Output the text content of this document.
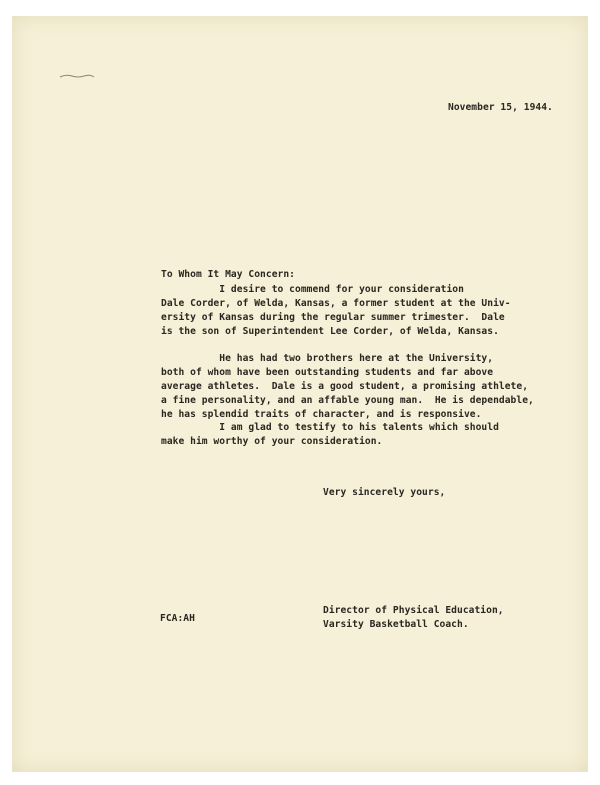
November 15, 1944.

To Whom It May Concern:

I desire to commend for your consideration
Dale Corder, of Welda, Kansas, a former student at the Univ-
ersity of Kansas during the regular summer trimester.  Dale
is the son of Superintendent Lee Corder, of Welda, Kansas.

He has had two brothers here at the University,
both of whom have been outstanding students and far above
average athletes.  Dale is a good student, a promising athlete,
a fine personality, and an affable young man.  He is dependable,
he has splendid traits of character, and is responsive.

I am glad to testify to his talents which should
make him worthy of your consideration.

Very sincerely yours,

FCA:AH

Director of Physical Education,
Varsity Basketball Coach.
